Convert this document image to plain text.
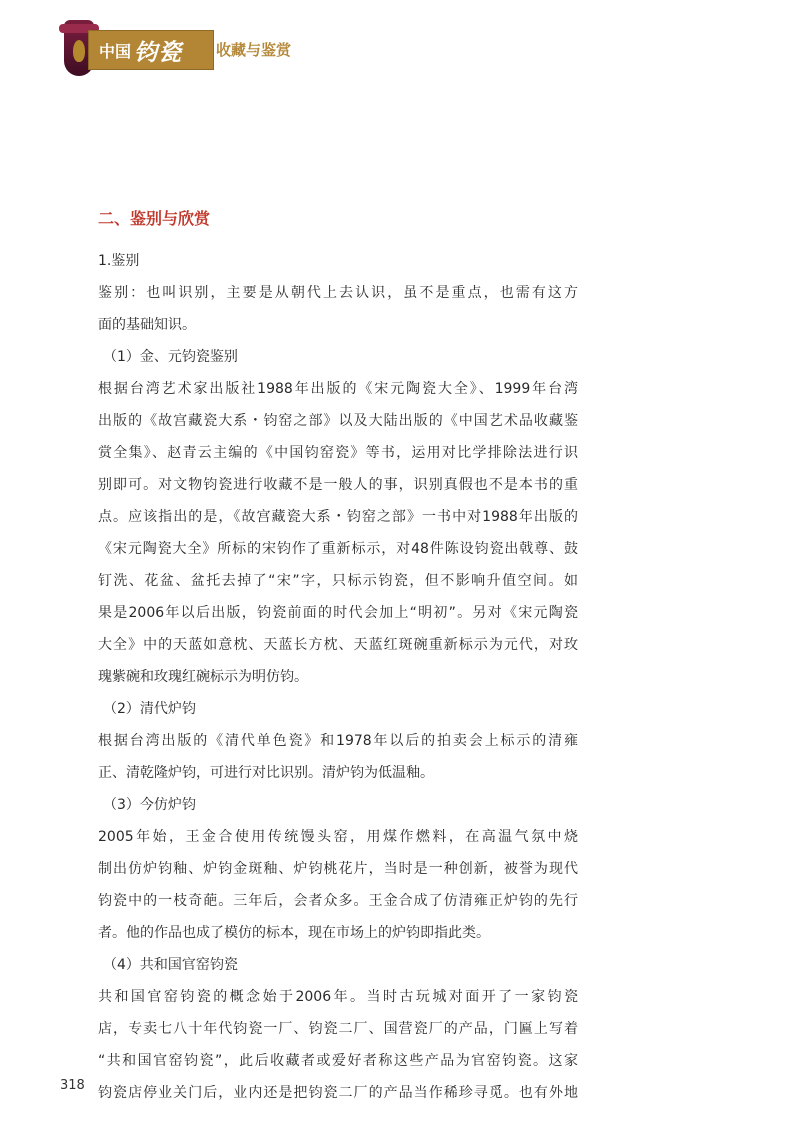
中国 钧瓷 收藏与鉴赏
二、鉴别与欣赏
1.鉴别
鉴别：也叫识别，主要是从朝代上去认识，虽不是重点，也需有这方
面的基础知识。
（1）金、元钧瓷鉴别
根据台湾艺术家出版社1988年出版的《宋元陶瓷大全》、1999年台湾
出版的《故宫藏瓷大系・钧窑之部》以及大陆出版的《中国艺术品收藏鉴
赏全集》、赵青云主编的《中国钧窑瓷》等书，运用对比学排除法进行识
别即可。对文物钧瓷进行收藏不是一般人的事，识别真假也不是本书的重
点。应该指出的是，《故宫藏瓷大系・钧窑之部》一书中对1988年出版的
《宋元陶瓷大全》所标的宋钧作了重新标示，对48件陈设钧瓷出戟尊、鼓
钉洗、花盆、盆托去掉了“宋”字，只标示钧瓷，但不影响升值空间。如
果是2006年以后出版，钧瓷前面的时代会加上“明初”。另对《宋元陶瓷
大全》中的天蓝如意枕、天蓝长方枕、天蓝红斑碗重新标示为元代，对玫
瑰紫碗和玫瑰红碗标示为明仿钧。
（2）清代炉钧
根据台湾出版的《清代单色瓷》和1978年以后的拍卖会上标示的清雍
正、清乾隆炉钧，可进行对比识别。清炉钧为低温釉。
（3）今仿炉钧
2005年始，王金合使用传统馒头窑，用煤作燃料，在高温气氛中烧
制出仿炉钧釉、炉钧金斑釉、炉钧桃花片，当时是一种创新，被誉为现代
钧瓷中的一枝奇葩。三年后，会者众多。王金合成了仿清雍正炉钧的先行
者。他的作品也成了模仿的标本，现在市场上的炉钧即指此类。
（4）共和国官窑钧瓷
共和国官窑钧瓷的概念始于2006年。当时古玩城对面开了一家钧瓷
店，专卖七八十年代钧瓷一厂、钧瓷二厂、国营瓷厂的产品，门匾上写着
“共和国官窑钧瓷”，此后收藏者或爱好者称这些产品为官窑钧瓷。这家
钧瓷店停业关门后，业内还是把钧瓷二厂的产品当作稀珍寻觅。也有外地
318
